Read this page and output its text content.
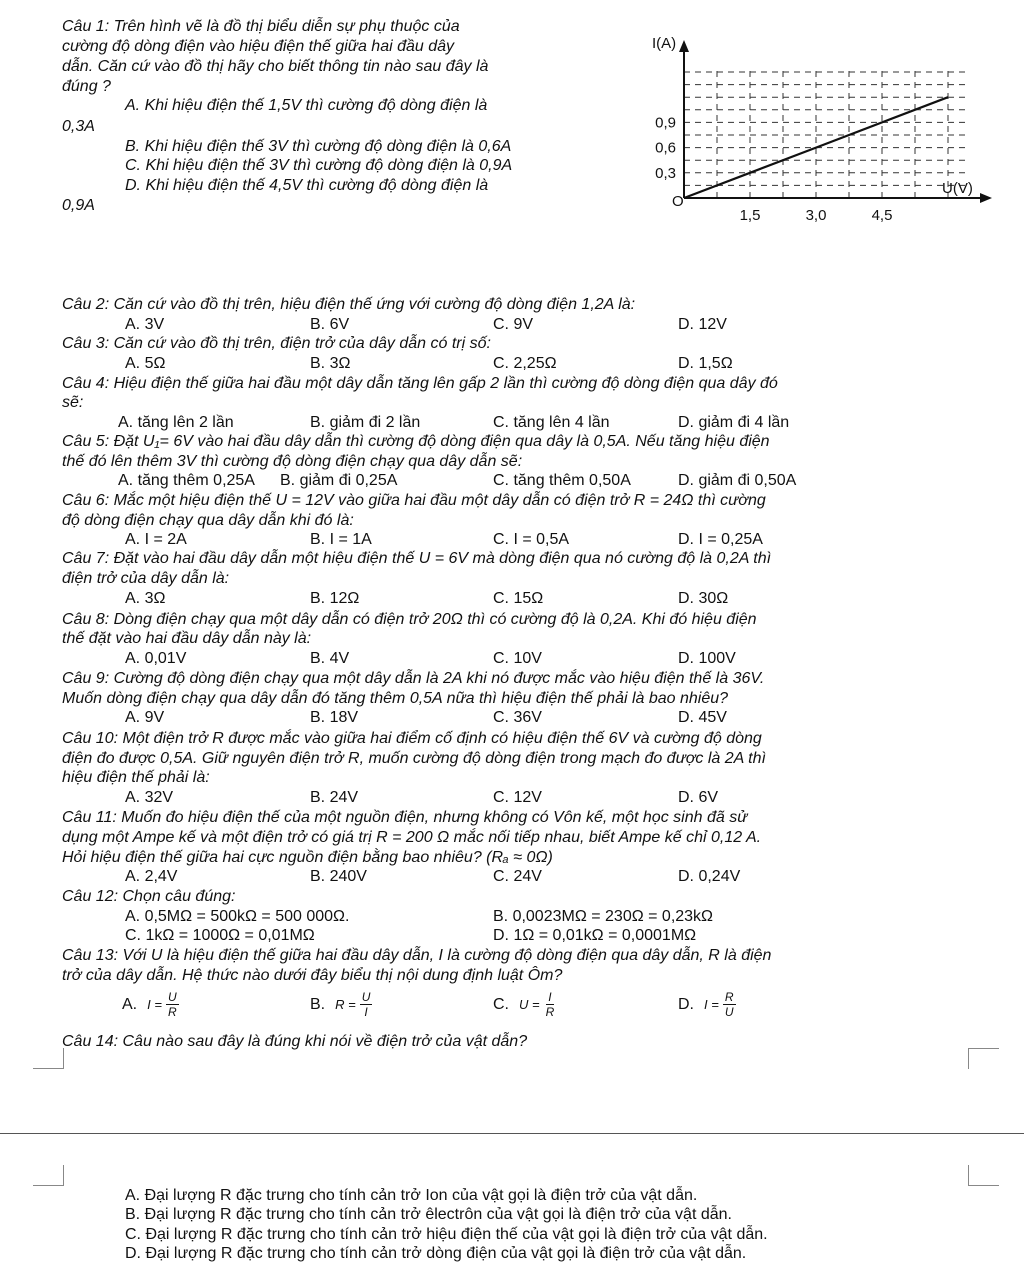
Câu 1: Trên hình vẽ là đồ thị biểu diễn sự phụ thuộc của
cường độ dòng điện vào hiệu điện thế giữa hai đầu dây
dẫn. Căn cứ vào đồ thị hãy cho biết thông tin nào sau đây là
đúng ?
A. Khi hiệu điện thế 1,5V thì cường độ dòng điện là
0,3A
B. Khi hiệu điện thế 3V thì cường độ dòng điện là 0,6A
C. Khi hiệu điện thế 3V thì cường độ dòng điện là 0,9A
D. Khi hiệu điện thế 4,5V thì cường độ dòng điện là
0,9A
1,5	3,0	4,5
0,3
0,6
0,9
I(A)
U(V)
O
Câu 2: Căn cứ vào đồ thị trên, hiệu điện thế ứng với cường độ dòng điện 1,2A là:
A. 3V	B. 6V	C. 9V	D. 12V
Câu 3: Căn cứ vào đồ thị trên, điện trở của dây dẫn có trị số:
A. 5Ω	B. 3Ω	C. 2,25Ω	D. 1,5Ω
Câu 4: Hiệu điện thế giữa hai đầu một dây dẫn tăng lên gấp 2 lần thì cường độ dòng điện qua dây đó
sẽ:
A. tăng lên 2 lần	B. giảm đi 2 lần	C. tăng lên 4 lần	D. giảm đi 4 lần
Câu 5: Đặt U₁= 6V vào hai đầu dây dẫn thì cường độ dòng điện qua dây là 0,5A. Nếu tăng hiệu điện
thế đó lên thêm 3V thì cường độ dòng điện chạy qua dây dẫn sẽ:
A. tăng thêm 0,25A B. giảm đi 0,25A	C. tăng thêm 0,50A	D. giảm đi 0,50A
Câu 6: Mắc một hiệu điện thế U = 12V vào giữa hai đầu một dây dẫn có điện trở R = 24Ω thì cường
độ dòng điện chạy qua dây dẫn khi đó là:
A. I = 2A	B. I = 1A	C. I = 0,5A	D. I = 0,25A
Câu 7: Đặt vào hai đầu dây dẫn một hiệu điện thế U = 6V mà dòng điện qua nó cường độ là 0,2A thì
điện trở của dây dẫn là:
A. 3Ω	B. 12Ω	C. 15Ω	D. 30Ω
Câu 8: Dòng điện chạy qua một dây dẫn có điện trở 20Ω thì có cường độ là 0,2A. Khi đó hiệu điện
thế đặt vào hai đầu dây dẫn này là:
A. 0,01V	B. 4V	C. 10V	D. 100V
Câu 9: Cường độ dòng điện chạy qua một dây dẫn là 2A khi nó được mắc vào hiệu điện thế là 36V.
Muốn dòng điện chạy qua dây dẫn đó tăng thêm 0,5A nữa thì hiệu điện thế phải là bao nhiêu?
A. 9V	B. 18V	C. 36V	D. 45V
Câu 10: Một điện trở R được mắc vào giữa hai điểm cố định có hiệu điện thế 6V và cường độ dòng
điện đo được 0,5A. Giữ nguyên điện trở R, muốn cường độ dòng điện trong mạch đo được là 2A thì
hiệu điện thế phải là:
A. 32V	B. 24V	C. 12V	D. 6V
Câu 11: Muốn đo hiệu điện thế của một nguồn điện, nhưng không có Vôn kế, một học sinh đã sử
dụng một Ampe kế và một điện trở có giá trị R = 200 Ω mắc nối tiếp nhau, biết Ampe kế chỉ 0,12 A.
Hỏi hiệu điện thế giữa hai cực nguồn điện bằng bao nhiêu? (Rₐ ≈ 0Ω)
A. 2,4V	B. 240V	C. 24V	D. 0,24V
Câu 12: Chọn câu đúng:
A. 0,5MΩ = 500kΩ = 500 000Ω.	B. 0,0023MΩ = 230Ω = 0,23kΩ
C. 1kΩ = 1000Ω = 0,01MΩ	D. 1Ω = 0,01kΩ = 0,0001MΩ
Câu 13: Với U là hiệu điện thế giữa hai đầu dây dẫn, I là cường độ dòng điện qua dây dẫn, R là điện
trở của dây dẫn. Hệ thức nào dưới đây biểu thị nội dung định luật Ôm?
A. $I = \frac{U}{R}$	B. $R = \frac{U}{I}$	C. $U = \frac{I}{R}$	D. $I = \frac{R}{U}$
Câu 14: Câu nào sau đây là đúng khi nói về điện trở của vật dẫn?
A. Đại lượng R đặc trưng cho tính cản trở Ion của vật gọi là điện trở của vật dẫn.
B. Đại lượng R đặc trưng cho tính cản trở êlectrôn của vật gọi là điện trở của vật dẫn.
C. Đại lượng R đặc trưng cho tính cản trở hiệu điện thế của vật gọi là điện trở của vật dẫn.
D. Đại lượng R đặc trưng cho tính cản trở dòng điện của vật gọi là điện trở của vật dẫn.
